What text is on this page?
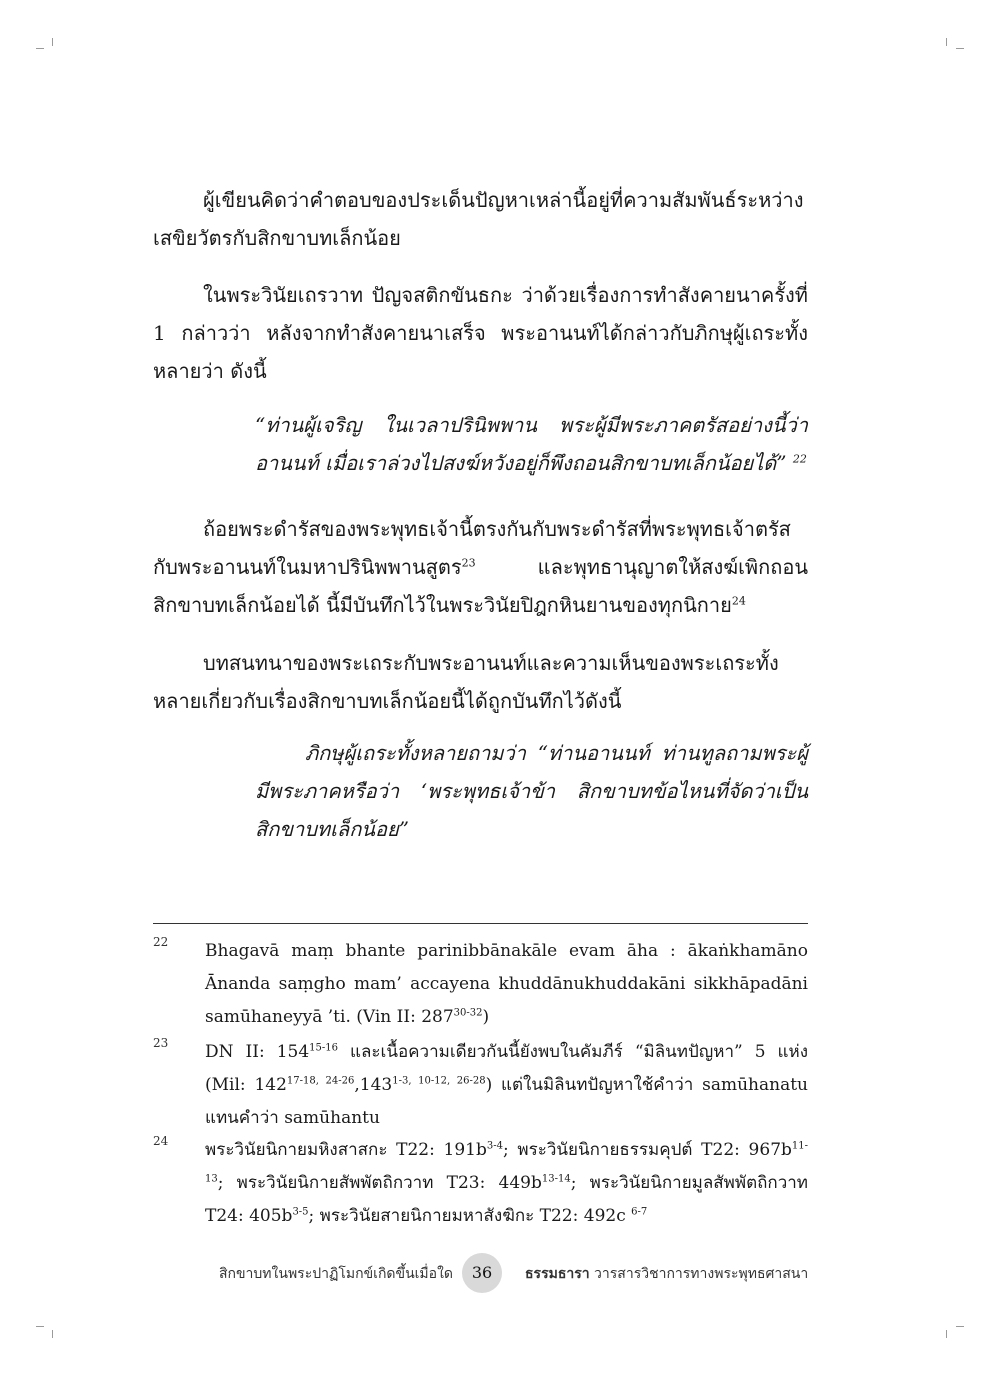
ผู้เขียนคิดว่าคำตอบของประเด็นปัญหาเหล่านี้อยู่ที่ความสัมพันธ์ระหว่างเสขิยวัตรกับสิกขาบทเล็กน้อย

ในพระวินัยเถรวาท ปัญจสติกขันธกะ ว่าด้วยเรื่องการทำสังคายนาครั้งที่ 1 กล่าวว่า หลังจากทำสังคายนาเสร็จ พระอานนท์ได้กล่าวกับภิกษุผู้เถระทั้งหลายว่า ดังนี้

“ท่านผู้เจริญ ในเวลาปรินิพพาน พระผู้มีพระภาคตรัสอย่างนี้ว่า อานนท์ เมื่อเราล่วงไปสงฆ์หวังอยู่ก็พึงถอนสิกขาบทเล็กน้อยได้” $^{22}$

ถ้อยพระดำรัสของพระพุทธเจ้านี้ตรงกันกับพระดำรัสที่พระพุทธเจ้าตรัสกับพระอานนท์ในมหาปรินิพพานสูตร$^{23}$ และพุทธานุญาตให้สงฆ์เพิกถอนสิกขาบทเล็กน้อยได้ นี้มีบันทึกไว้ในพระวินัยปิฎกหินยานของทุกนิกาย$^{24}$

บทสนทนาของพระเถระกับพระอานนท์และความเห็นของพระเถระทั้งหลายเกี่ยวกับเรื่องสิกขาบทเล็กน้อยนี้ได้ถูกบันทึกไว้ดังนี้

ภิกษุผู้เถระทั้งหลายถามว่า “ท่านอานนท์ ท่านทูลถามพระผู้มีพระภาคหรือว่า ‘พระพุทธเจ้าข้า สิกขาบทข้อไหนที่จัดว่าเป็นสิกขาบทเล็กน้อย”

22 Bhagavā maṃ bhante parinibbānakāle evam āha : ākaṅkhamāno Ānanda saṃgho mam’ accayena khuddānukhuddakāni sikkhāpadāni samūhaneyyā ’ti. (Vin II: 287$^{30-32}$)
23 DN II: 154$^{15-16}$ และเนื้อความเดียวกันนี้ยังพบในคัมภีร์ “มิลินทปัญหา” 5 แห่ง (Mil: 142$^{17-18, 24-26}$,143$^{1-3, 10-12, 26-28}$) แต่ในมิลินทปัญหาใช้คำว่า samūhanatu แทนคำว่า samūhantu
24 พระวินัยนิกายมหิงสาสกะ T22: $191b^{3-4}$; พระวินัยนิกายธรรมคุปต์ T22: $967b^{11-13}$; พระวินัยนิกายสัพพัตถิกวาท T23: $449b^{13-14}$; พระวินัยนิกายมูลสัพพัตถิกวาท T24: $405b^{3-5}$; พระวินัยสายนิกายมหาสังฆิกะ T22: 492c $^{6-7}$
สิกขาบทในพระปาฏิโมกข์เกิดขึ้นเมื่อใด	36	ธรรมธารา วารสารวิชาการทางพระพุทธศาสนา
